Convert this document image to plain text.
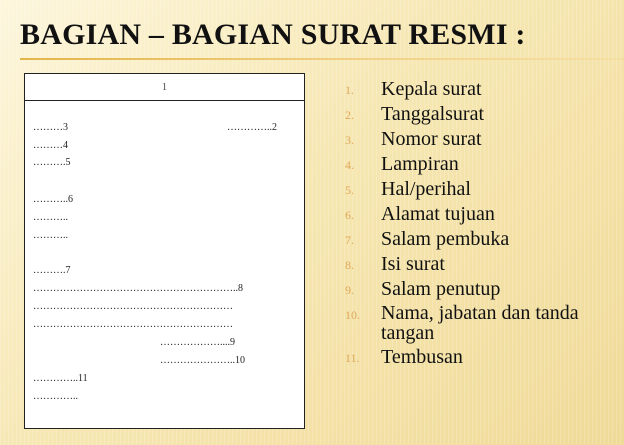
BAGIAN – BAGIAN SURAT RESMI :
1
………3	…………..2
………4
……….5
………..6
………..
………..
……….7
……………………………………………………..8
……………………………………………………
……………………………………………………
………………....9
…………………..10
…………..11
…………..
1.	Kepala surat
2.	Tanggalsurat
3.	Nomor surat
4.	Lampiran
5.	Hal/perihal
6.	Alamat tujuan
7.	Salam pembuka
8.	Isi surat
9.	Salam penutup
10.	Nama, jabatan dan tanda tangan
11.	Tembusan
